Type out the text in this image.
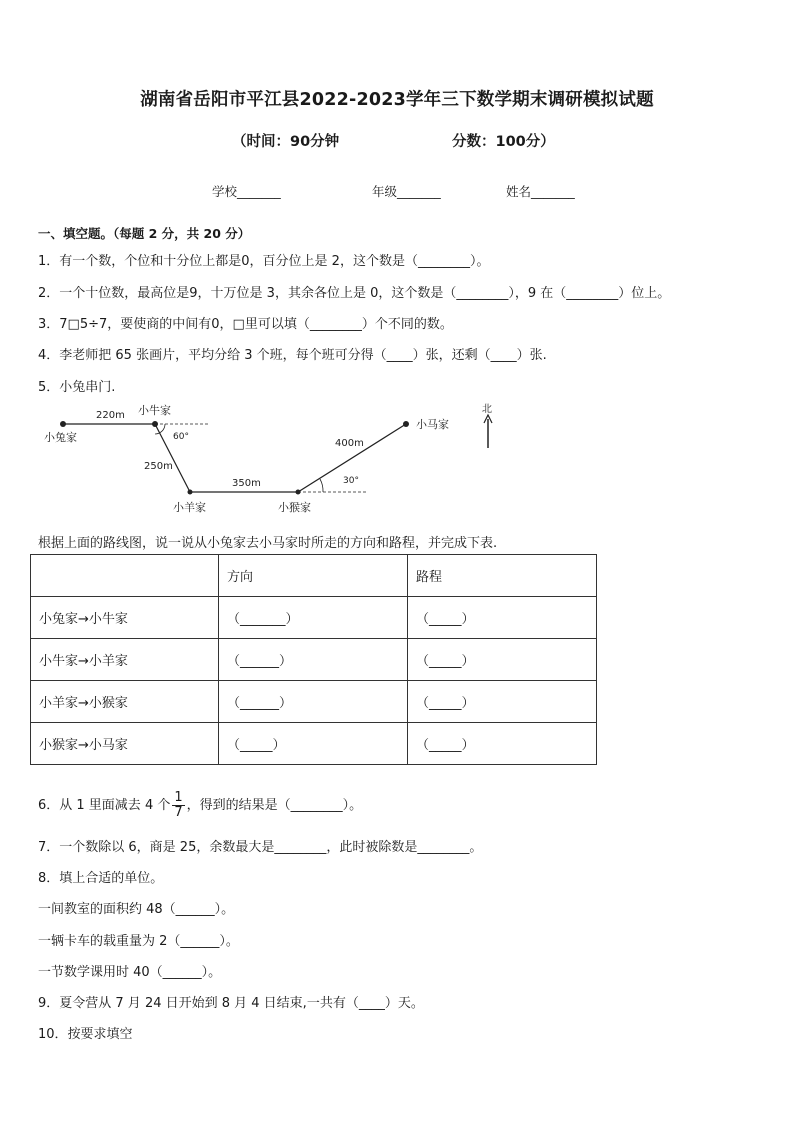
湖南省岳阳市平江县2022-2023学年三下数学期末调研模拟试题
（时间：90分钟	分数：100分）
学校_______	年级_______	姓名_______
一、填空题。（每题 2 分，共 20 分）
1．有一个数，个位和十分位上都是0，百分位上是 2，这个数是（________）。
2．一个十位数，最高位是9，十万位是 3，其余各位上是 0，这个数是（________），9 在（________）位上。
3．7□5÷7，要使商的中间有0，□里可以填（________）个不同的数。
4．李老师把 65 张画片，平均分给 3 个班，每个班可分得（____）张，还剩（____）张.
5．小兔串门.
小兔家
小牛家
小羊家	小猴家
小马家
220m
250m
350m
400m
60°
30°
北
根据上面的路线图，说一说从小兔家去小马家时所走的方向和路程，并完成下表.
	方向	路程
小兔家→小牛家	（_______）	（_____）
小牛家→小羊家	（______）	（_____）
小羊家→小猴家	（______）	（_____）
小猴家→小马家	（_____）	（_____）
6．从 1 里面减去 4 个 $\frac{1}{7}$ ，得到的结果是（________）。
7．一个数除以 6，商是 25，余数最大是________，此时被除数是________。
8．填上合适的单位。
一间教室的面积约 48（______）。
一辆卡车的载重量为 2（______）。
一节数学课用时 40（______）。
9．夏令营从 7 月 24 日开始到 8 月 4 日结束,一共有（____）天。
10．按要求填空
